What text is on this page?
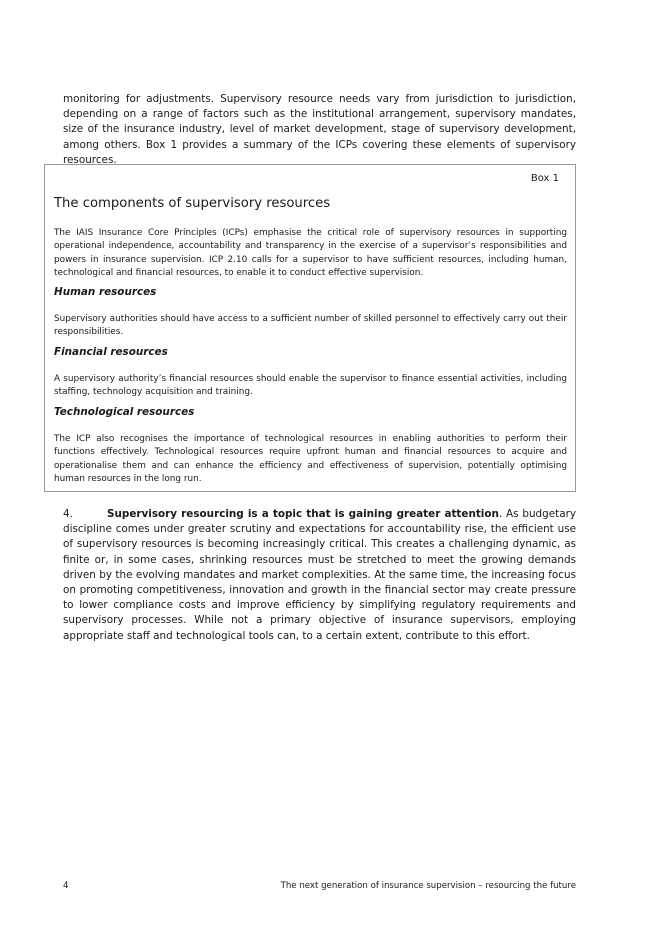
monitoring for adjustments. Supervisory resource needs vary from jurisdiction to jurisdiction, depending on a range of factors such as the institutional arrangement, supervisory mandates, size of the insurance industry, level of market development, stage of supervisory development, among others. Box 1 provides a summary of the ICPs covering these elements of supervisory resources.

Box 1

The components of supervisory resources

The IAIS Insurance Core Principles (ICPs) emphasise the critical role of supervisory resources in supporting operational independence, accountability and transparency in the exercise of a supervisor’s responsibilities and powers in insurance supervision. ICP 2.10 calls for a supervisor to have sufficient resources, including human, technological and financial resources, to enable it to conduct effective supervision.

Human resources

Supervisory authorities should have access to a sufficient number of skilled personnel to effectively carry out their responsibilities.

Financial resources

A supervisory authority’s financial resources should enable the supervisor to finance essential activities, including staffing, technology acquisition and training.

Technological resources

The ICP also recognises the importance of technological resources in enabling authorities to perform their functions effectively. Technological resources require upfront human and financial resources to acquire and operationalise them and can enhance the efficiency and effectiveness of supervision, potentially optimising human resources in the long run.

4.	Supervisory resourcing is a topic that is gaining greater attention. As budgetary discipline comes under greater scrutiny and expectations for accountability rise, the efficient use of supervisory resources is becoming increasingly critical. This creates a challenging dynamic, as finite or, in some cases, shrinking resources must be stretched to meet the growing demands driven by the evolving mandates and market complexities. At the same time, the increasing focus on promoting competitiveness, innovation and growth in the financial sector may create pressure to lower compliance costs and improve efficiency by simplifying regulatory requirements and supervisory processes. While not a primary objective of insurance supervisors, employing appropriate staff and technological tools can, to a certain extent, contribute to this effort.

4	The next generation of insurance supervision – resourcing the future
